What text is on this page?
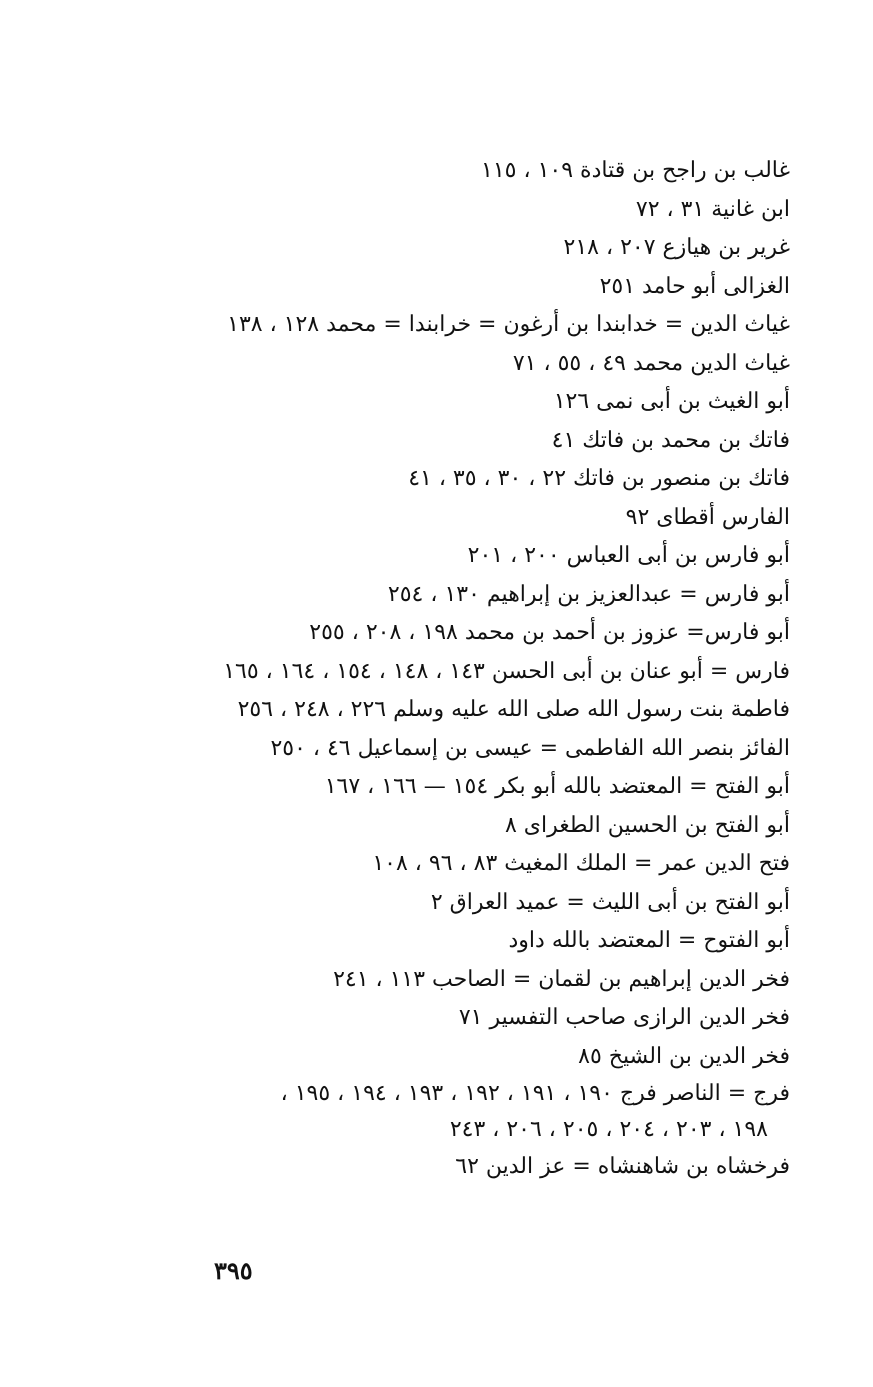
غالب بن راجح بن قتادة ١٠٩ ، ١١٥
ابن غانية ٣١ ، ٧٢
غرير بن هيازع ٢٠٧ ، ٢١٨
الغزالى أبو حامد ٢٥١
غياث الدين = خدابندا بن أرغون = خرابندا = محمد ١٢٨ ، ١٣٨
غياث الدين محمد ٤٩ ، ٥٥ ، ٧١
أبو الغيث بن أبى نمى ١٢٦
فاتك بن محمد بن فاتك ٤١
فاتك بن منصور بن فاتك ٢٢ ، ٣٠ ، ٣٥ ، ٤١
الفارس أقطاى ٩٢
أبو فارس بن أبى العباس ٢٠٠ ، ٢٠١
أبو فارس = عبدالعزيز بن إبراهيم ١٣٠ ، ٢٥٤
أبو فارس= عزوز بن أحمد بن محمد ١٩٨ ، ٢٠٨ ، ٢٥٥
فارس = أبو عنان بن أبى الحسن ١٤٣ ، ١٤٨ ، ١٥٤ ، ١٦٤ ، ١٦٥
فاطمة بنت رسول الله صلى الله عليه وسلم ٢٢٦ ، ٢٤٨ ، ٢٥٦
الفائز بنصر الله الفاطمى = عيسى بن إسماعيل ٤٦ ، ٢٥٠
أبو الفتح = المعتضد بالله أبو بكر ١٥٤ — ١٦٦ ، ١٦٧
أبو الفتح بن الحسين الطغراى ٨
فتح الدين عمر = الملك المغيث ٨٣ ، ٩٦ ، ١٠٨
أبو الفتح بن أبى الليث = عميد العراق ٢
أبو الفتوح = المعتضد بالله داود
فخر الدين إبراهيم بن لقمان = الصاحب ١١٣ ، ٢٤١
فخر الدين الرازى صاحب التفسير ٧١
فخر الدين بن الشيخ ٨٥
فرج = الناصر فرج ١٩٠ ، ١٩١ ، ١٩٢ ، ١٩٣ ، ١٩٤ ، ١٩٥ ،
١٩٨ ، ٢٠٣ ، ٢٠٤ ، ٢٠٥ ، ٢٠٦ ، ٢٤٣
فرخشاه بن شاهنشاه = عز الدين ٦٢
٣٩٥
